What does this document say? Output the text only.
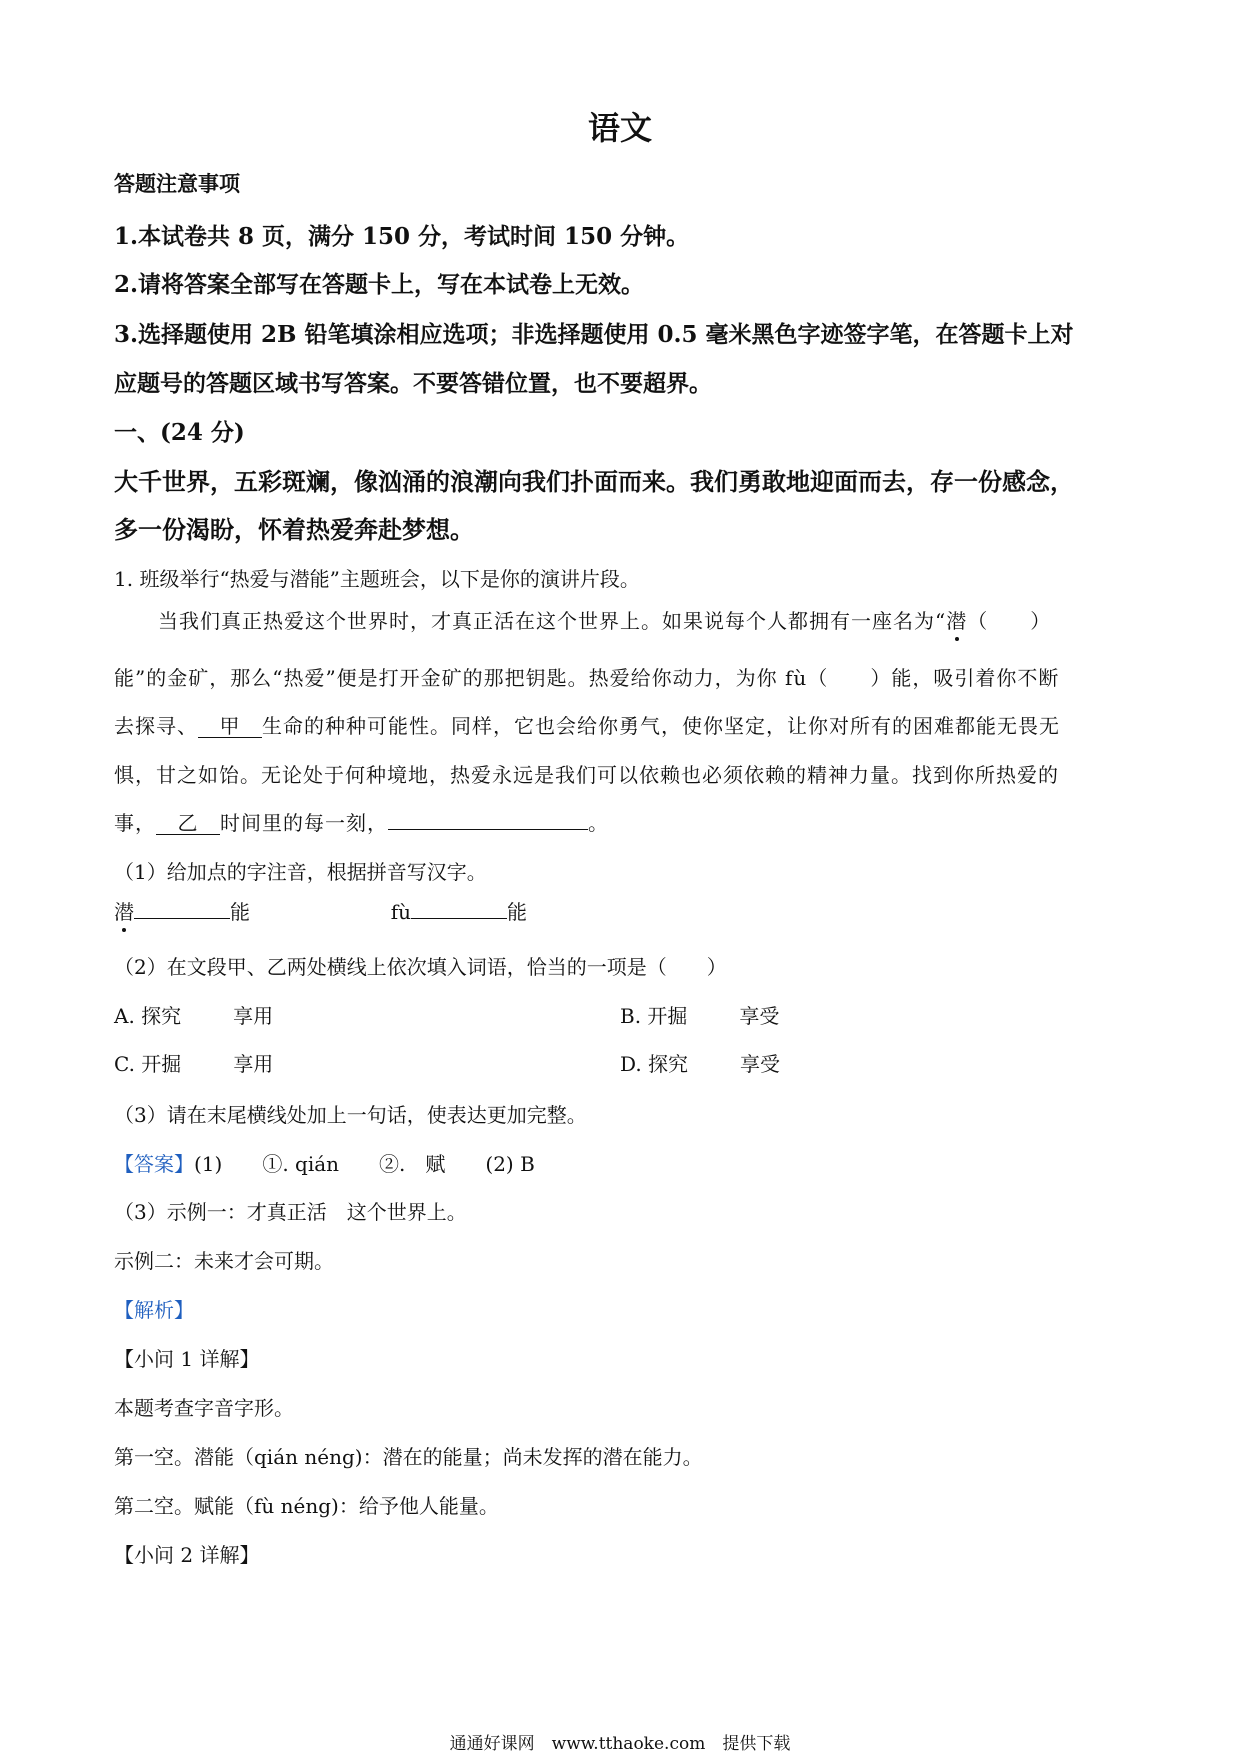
语文
答题注意事项
1.本试卷共 8 页，满分 150 分，考试时间 150 分钟。
2.请将答案全部写在答题卡上，写在本试卷上无效。
3.选择题使用 2B 铅笔填涂相应选项；非选择题使用 0.5 毫米黑色字迹签字笔，在答题卡上对
应题号的答题区域书写答案。不要答错位置，也不要超界。
一、(24 分)
大千世界，五彩斑斓，像汹涌的浪潮向我们扑面而来。我们勇敢地迎面而去，存一份感念，
多一份渴盼，怀着热爱奔赴梦想。
1. 班级举行“热爱与潜能”主题班会，以下是你的演讲片段。
当我们真正热爱这个世界时，才真正活在这个世界上。如果说每个人都拥有一座名为“潜（　　）
能”的金矿，那么“热爱”便是打开金矿的那把钥匙。热爱给你动力，为你 fù（　　）能，吸引着你不断
去探寻、 甲 生命的种种可能性。同样，它也会给你勇气，使你坚定，让你对所有的困难都能无畏无
惧，甘之如饴。无论处于何种境地，热爱永远是我们可以依赖也必须依赖的精神力量。找到你所热爱的
事， 乙 时间里的每一刻，	。
（1）给加点的字注音，根据拼音写汉字。
潜	能	fù	能
（2）在文段甲、乙两处横线上依次填入词语，恰当的一项是（　　）
A. 探究	享用	B. 开掘	享受
C. 开掘	享用	D. 探究	享受
（3）请在末尾横线处加上一句话，使表达更加完整。
【答案】(1)　　①. qián　　②.　赋　　(2) B
（3）示例一：才真正活　这个世界上。
示例二：未来才会可期。
【解析】
【小问 1 详解】
本题考查字音字形。
第一空。潜能（qián néng)：潜在的能量；尚未发挥的潜在能力。
第二空。赋能（fù néng)：给予他人能量。
【小问 2 详解】
通通好课网　www.tthaoke.com　提供下载
